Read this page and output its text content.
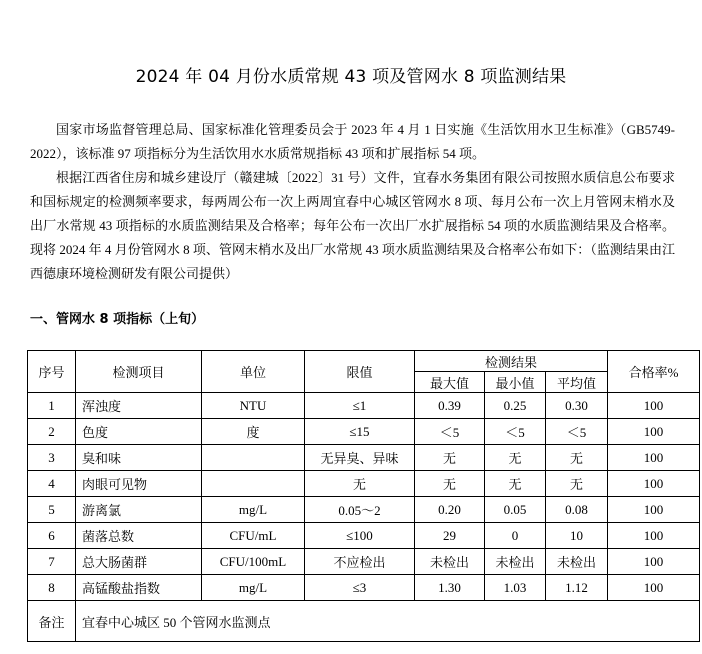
2024 年 04 月份水质常规 43 项及管网水 8 项监测结果

国家市场监督管理总局、国家标准化管理委员会于 2023 年 4 月 1 日实施《生活饮用水卫生标准》（GB5749-2022），该标准 97 项指标分为生活饮用水水质常规指标 43 项和扩展指标 54 项。

根据江西省住房和城乡建设厅（赣建城〔2022〕31 号）文件，宜春水务集团有限公司按照水质信息公布要求和国标规定的检测频率要求，每两周公布一次上两周宜春中心城区管网水 8 项、每月公布一次上月管网末梢水及出厂水常规 43 项指标的水质监测结果及合格率；每年公布一次出厂水扩展指标 54 项的水质监测结果及合格率。现将 2024 年 4 月份管网水 8 项、管网末梢水及出厂水常规 43 项水质监测结果及合格率公布如下：（监测结果由江西德康环境检测研发有限公司提供）

一、管网水 8 项指标（上旬）
序号	检测项目	单位	限值	检测结果			合格率%
				最大值	最小值	平均值	
1	浑浊度	NTU	≤1	0.39	0.25	0.30	100
2	色度	度	≤15	＜5	＜5	＜5	100
3	臭和味		无异臭、异味	无	无	无	100
4	肉眼可见物		无	无	无	无	100
5	游离氯	mg/L	0.05～2	0.20	0.05	0.08	100
6	菌落总数	CFU/mL	≤100	29	0	10	100
7	总大肠菌群	CFU/100mL	不应检出	未检出	未检出	未检出	100
8	高锰酸盐指数	mg/L	≤3	1.30	1.03	1.12	100
备注	宜春中心城区 50 个管网水监测点						
